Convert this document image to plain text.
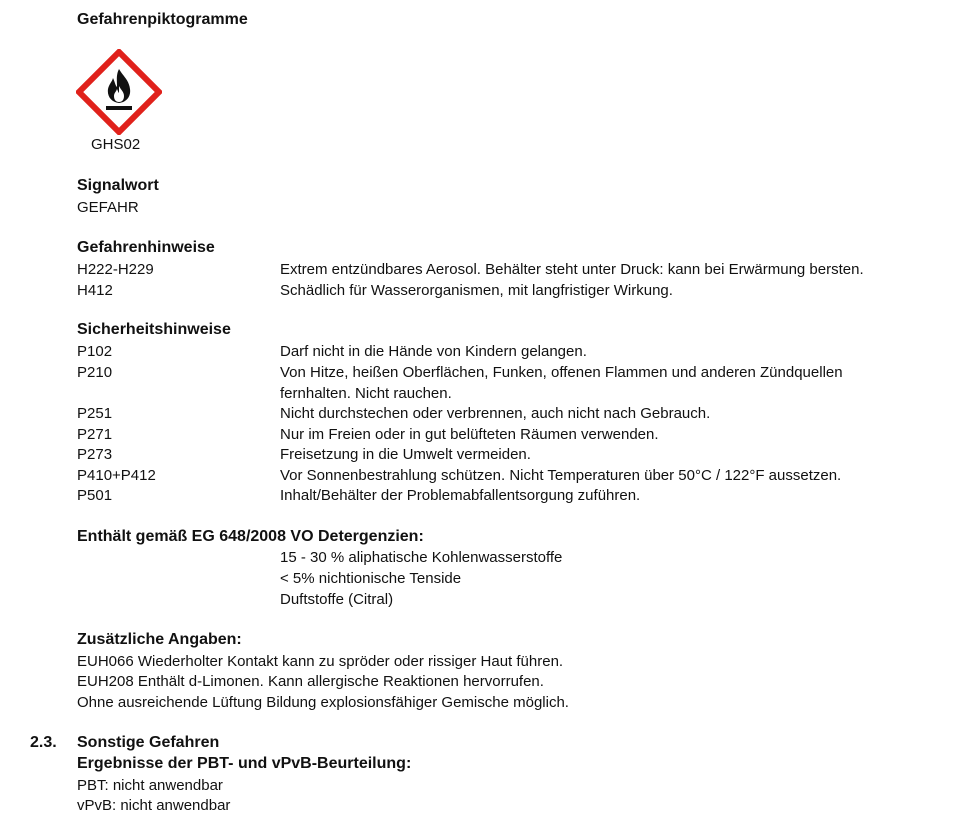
Gefahrenpiktogramme
GHS02
Signalwort
GEFAHR
Gefahrenhinweise
H222-H229	Extrem entzündbares Aerosol. Behälter steht unter Druck: kann bei Erwärmung bersten.
H412	Schädlich für Wasserorganismen, mit langfristiger Wirkung.
Sicherheitshinweise
P102	Darf nicht in die Hände von Kindern gelangen.
P210	Von Hitze, heißen Oberflächen, Funken, offenen Flammen und anderen Zündquellen
fernhalten. Nicht rauchen.
P251	Nicht durchstechen oder verbrennen, auch nicht nach Gebrauch.
P271	Nur im Freien oder in gut belüfteten Räumen verwenden.
P273	Freisetzung in die Umwelt vermeiden.
P410+P412	Vor Sonnenbestrahlung schützen. Nicht Temperaturen über 50°C / 122°F aussetzen.
P501	Inhalt/Behälter der Problemabfallentsorgung zuführen.
Enthält gemäß EG 648/2008 VO Detergenzien:
15 - 30 % aliphatische Kohlenwasserstoffe
< 5% nichtionische Tenside
Duftstoffe (Citral)
Zusätzliche Angaben:
EUH066 Wiederholter Kontakt kann zu spröder oder rissiger Haut führen.
EUH208 Enthält d-Limonen. Kann allergische Reaktionen hervorrufen.
Ohne ausreichende Lüftung Bildung explosionsfähiger Gemische möglich.
2.3. Sonstige Gefahren
Ergebnisse der PBT- und vPvB-Beurteilung:
PBT: nicht anwendbar
vPvB: nicht anwendbar
